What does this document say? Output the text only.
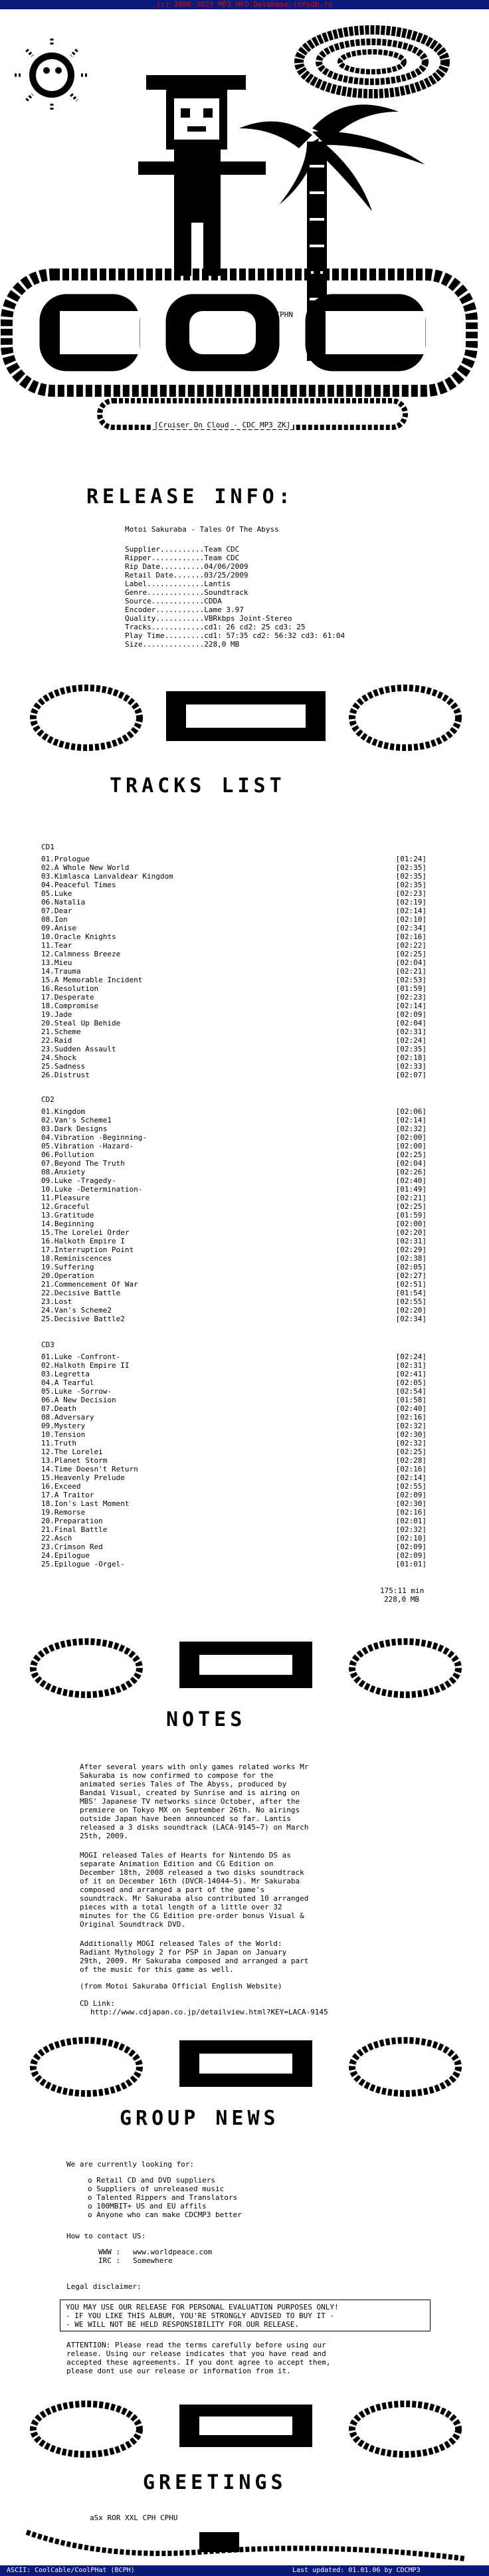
(c) 2006-2025 MP3 NFO Database-infodb.ru
cXc/CPHN
2006
[Cruiser On Cloud - CDC MP3 ZK]
RELEASE INFO:
Motoi Sakuraba - Tales Of The Abyss
Supplier..........Team CDC
Ripper............Team CDC
Rip Date..........04/06/2009
Retail Date.......03/25/2009
Label.............Lantis
Genre.............Soundtrack
Source............CDDA
Encoder...........Lame 3.97
Quality...........VBRkbps Joint-Stereo
Tracks............cd1: 26 cd2: 25 cd3: 25
Play Time.........cd1: 57:35 cd2: 56:32 cd3: 61:04
Size..............228,0 MB
TRACKS LIST
CD1
01.Prologue	[01:24]
02.A Whole New World	[02:35]
03.Kimlasca Lanvaldear Kingdom	[02:35]
04.Peaceful Times	[02:35]
05.Luke	[02:23]
06.Natalia	[02:19]
07.Dear	[02:14]
08.Ion	[02:10]
09.Anise	[02:34]
10.Oracle Knights	[02:16]
11.Tear	[02:22]
12.Calmness Breeze	[02:25]
13.Mieu	[02:04]
14.Trauma	[02:21]
15.A Memorable Incident	[02:53]
16.Resolution	[01:59]
17.Desperate	[02:23]
18.Compromise	[02:14]
19.Jade	[02:09]
20.Steal Up Behide	[02:04]
21.Scheme	[02:31]
22.Raid	[02:24]
23.Sudden Assault	[02:35]
24.Shock	[02:18]
25.Sadness	[02:33]
26.Distrust	[02:07]
CD2
01.Kingdom	[02:06]
02.Van's Scheme1	[02:14]
03.Dark Designs	[02:32]
04.Vibration -Beginning-	[02:00]
05.Vibration -Hazard-	[02:00]
06.Pollution	[02:25]
07.Beyond The Truth	[02:04]
08.Anxiety	[02:26]
09.Luke -Tragedy-	[02:40]
10.Luke -Determination-	[01:49]
11.Pleasure	[02:21]
12.Graceful	[02:25]
13.Gratitude	[01:59]
14.Beginning	[02:00]
15.The Lorelei Order	[02:20]
16.Halkoth Empire I	[02:31]
17.Interruption Point	[02:29]
18.Reminiscences	[02:38]
19.Suffering	[02:05]
20.Operation	[02:27]
21.Commencement Of War	[02:51]
22.Decisive Battle	[01:54]
23.Lost	[02:55]
24.Van's Scheme2	[02:20]
25.Decisive Battle2	[02:34]
CD3
01.Luke -Confront-	[02:24]
02.Halkoth Empire II	[02:31]
03.Legretta	[02:41]
04.A Tearful	[02:05]
05.Luke -Sorrow-	[02:54]
06.A New Decision	[01:58]
07.Death	[02:40]
08.Adversary	[02:16]
09.Mystery	[02:32]
10.Tension	[02:30]
11.Truth	[02:32]
12.The Lorelei	[02:25]
13.Planet Storm	[02:28]
14.Time Doesn't Return	[02:16]
15.Heavenly Prelude	[02:14]
16.Exceed	[02:55]
17.A Traitor	[02:09]
18.Ion's Last Moment	[02:30]
19.Remorse	[02:16]
20.Preparation	[02:01]
21.Final Battle	[02:32]
22.Asch	[02:10]
23.Crimson Red	[02:09]
24.Epilogue	[02:09]
25.Epilogue -Orgel-	[01:01]
175:11 min
228,0 MB
NOTES
After several years with only games related works Mr
Sakuraba is now confirmed to compose for the
animated series Tales of The Abyss, produced by
Bandai Visual, created by Sunrise and is airing on
MBS' Japanese TV networks since October, after the
premiere on Tokyo MX on September 26th. No airings
outside Japan have been announced so far. Lantis
released a 3 disks soundtrack (LACA-9145~7) on March
25th, 2009.
MOGI released Tales of Hearts for Nintendo DS as
separate Animation Edition and CG Edition on
December 18th, 2008 released a two disks soundtrack
of it on December 16th (DVCR-14044~5). Mr Sakuraba
composed and arranged a part of the game's
soundtrack. Mr Sakuraba also contributed 10 arranged
pieces with a total length of a little over 32
minutes for the CG Edition pre-order bonus Visual &
Original Soundtrack DVD.
Additionally MOGI released Tales of the World:
Radiant Mythology 2 for PSP in Japan on January
29th, 2009. Mr Sakuraba composed and arranged a part
of the music for this game as well.
(from Motoi Sakuraba Official English Website)
CD Link:
http://www.cdjapan.co.jp/detailview.html?KEY=LACA-9145
GROUP NEWS
We are currently looking for:
o Retail CD and DVD suppliers
o Suppliers of unreleased music
o Talented Rippers and Translators
o 100MBIT+ US and EU affils
o Anyone who can make CDCMP3 better
How to contact US:
WWW : www.worldpeace.com
IRC : Somewhere
Legal disclaimer:
YOU MAY USE OUR RELEASE FOR PERSONAL EVALUATION PURPOSES ONLY!
- IF YOU LIKE THIS ALBUM, YOU'RE STRONGLY ADVISED TO BUY IT -
- WE WILL NOT BE HELD RESPONSIBILITY FOR OUR RELEASE.
ATTENTION: Please read the terms carefully before using our
release. Using our release indicates that you have read and
accepted these agreements. If you dont agree to accept them,
please dont use our release or information from it.
GREETINGS
aSx ROR XXL CPH CPHU
ASCII: CoolCable/CoolPHat (BCPH)	Last updated: 01.01.06 by CDCMP3
